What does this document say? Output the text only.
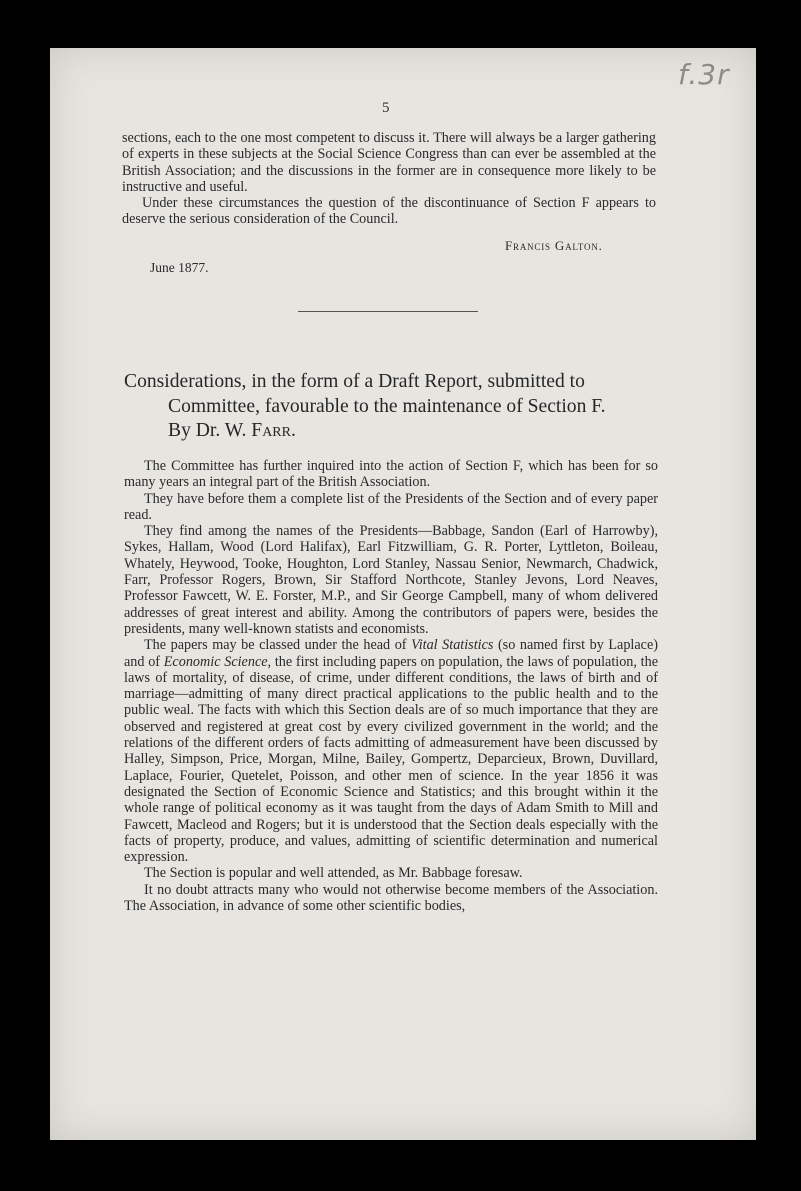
f.3r
5

sections, each to the one most competent to discuss it. There will always be a larger gathering of experts in these subjects at the Social Science Congress than can ever be assembled at the British Association; and the discussions in the former are in consequence more likely to be instructive and useful.

Under these circumstances the question of the discontinuance of Section F appears to deserve the serious consideration of the Council.

Francis Galton.
June 1877.
Considerations, in the form of a Draft Report, submitted to
Committee, favourable to the maintenance of Section F.
By Dr. W. Farr.

The Committee has further inquired into the action of Section F, which has been for so many years an integral part of the British Association.

They have before them a complete list of the Presidents of the Section and of every paper read.

They find among the names of the Presidents—Babbage, Sandon (Earl of Harrowby), Sykes, Hallam, Wood (Lord Halifax), Earl Fitzwilliam, G. R. Porter, Lyttleton, Boileau, Whately, Heywood, Tooke, Houghton, Lord Stanley, Nassau Senior, Newmarch, Chadwick, Farr, Professor Rogers, Brown, Sir Stafford Northcote, Stanley Jevons, Lord Neaves, Professor Fawcett, W. E. Forster, M.P., and Sir George Campbell, many of whom delivered addresses of great interest and ability. Among the contributors of papers were, besides the presidents, many well-known statists and economists.

The papers may be classed under the head of Vital Statistics (so named first by Laplace) and of Economic Science, the first including papers on population, the laws of population, the laws of mortality, of disease, of crime, under different conditions, the laws of birth and of marriage—admitting of many direct practical applications to the public health and to the public weal. The facts with which this Section deals are of so much importance that they are observed and registered at great cost by every civilized government in the world; and the relations of the different orders of facts admitting of admeasurement have been discussed by Halley, Simpson, Price, Morgan, Milne, Bailey, Gompertz, Deparcieux, Brown, Duvillard, Laplace, Fourier, Quetelet, Poisson, and other men of science. In the year 1856 it was designated the Section of Economic Science and Statistics; and this brought within it the whole range of political economy as it was taught from the days of Adam Smith to Mill and Fawcett, Macleod and Rogers; but it is understood that the Section deals especially with the facts of property, produce, and values, admitting of scientific determination and numerical expression.

The Section is popular and well attended, as Mr. Babbage foresaw.

It no doubt attracts many who would not otherwise become members of the Association. The Association, in advance of some other scientific bodies,
